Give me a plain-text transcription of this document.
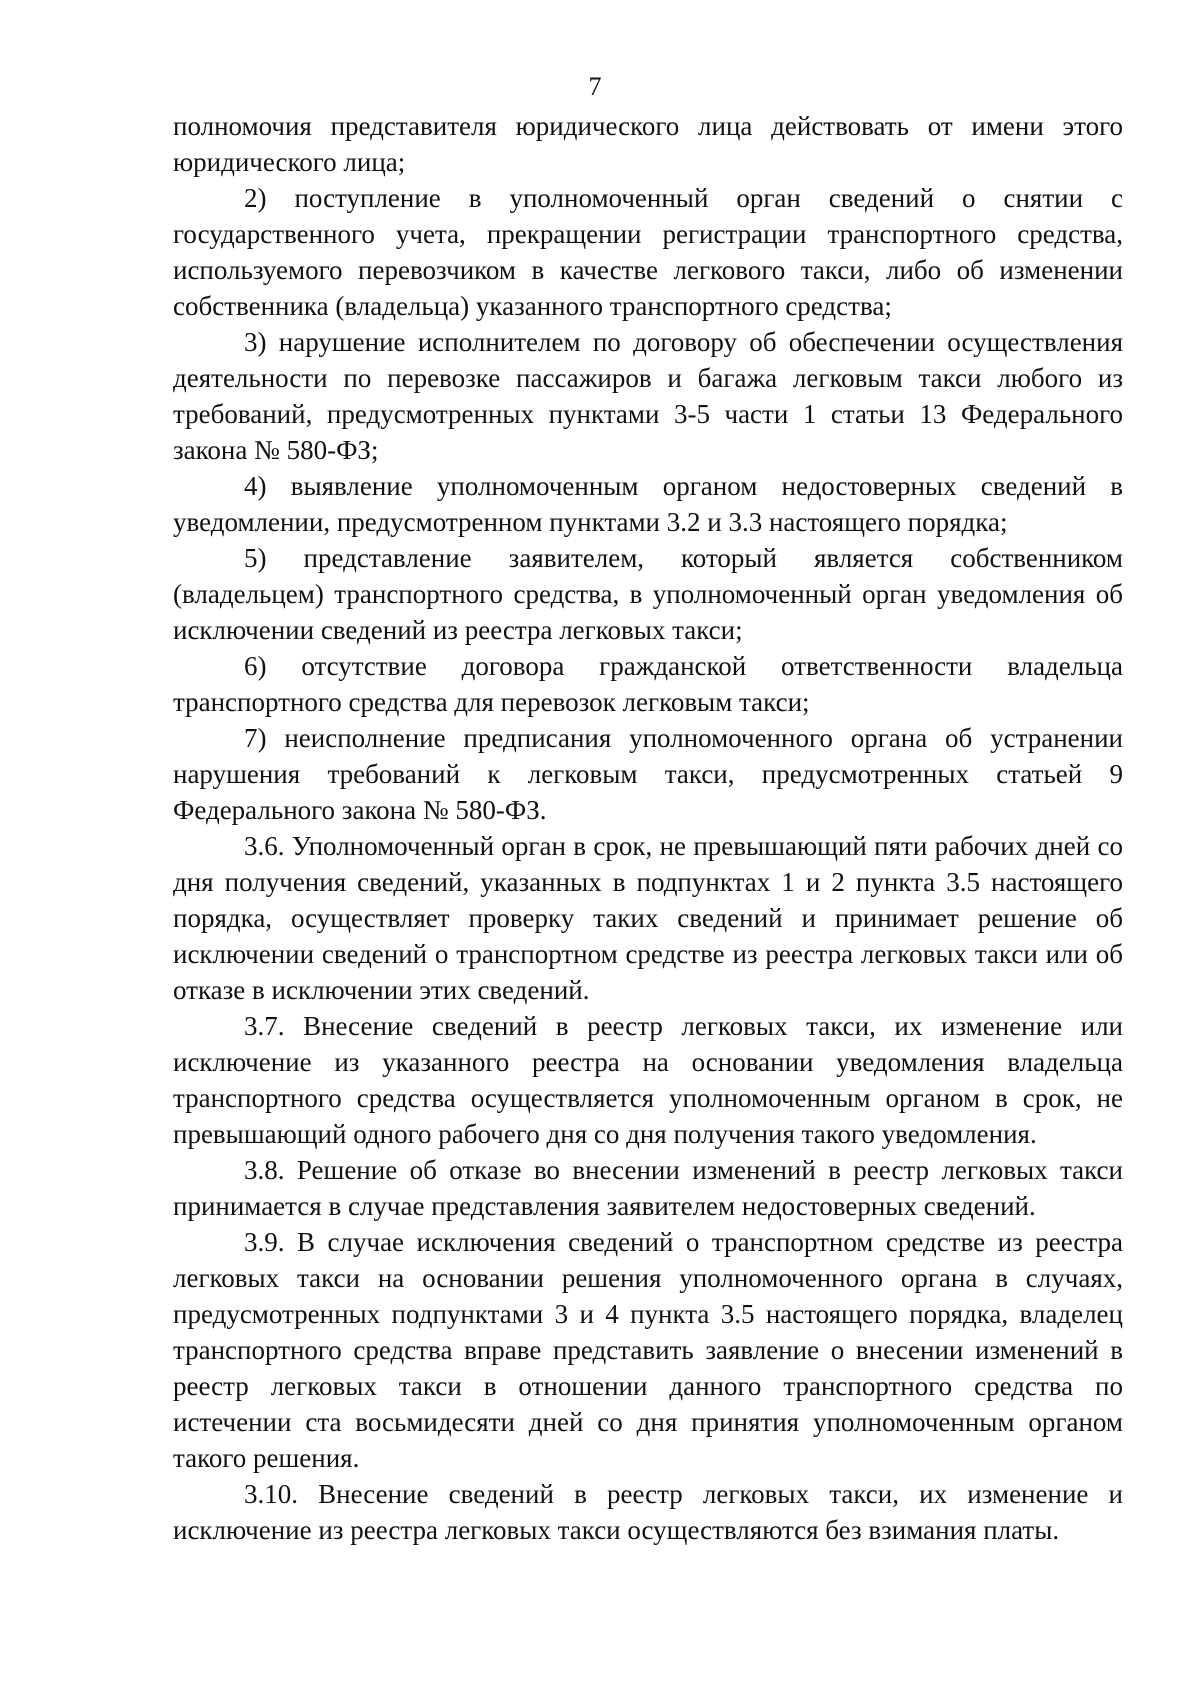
7

полномочия представителя юридического лица действовать от имени этого юридического лица;

2) поступление в уполномоченный орган сведений о снятии с государственного учета, прекращении регистрации транспортного средства, используемого перевозчиком в качестве легкового такси, либо об изменении собственника (владельца) указанного транспортного средства;

3) нарушение исполнителем по договору об обеспечении осуществления деятельности по перевозке пассажиров и багажа легковым такси любого из требований, предусмотренных пунктами 3-5 части 1 статьи 13 Федерального закона № 580-ФЗ;

4) выявление уполномоченным органом недостоверных сведений в уведомлении, предусмотренном пунктами 3.2 и 3.3 настоящего порядка;

5) представление заявителем, который является собственником (владельцем) транспортного средства, в уполномоченный орган уведомления об исключении сведений из реестра легковых такси;

6) отсутствие договора гражданской ответственности владельца транспортного средства для перевозок легковым такси;

7) неисполнение предписания уполномоченного органа об устранении нарушения требований к легковым такси, предусмотренных статьей 9 Федерального закона № 580-ФЗ.

3.6. Уполномоченный орган в срок, не превышающий пяти рабочих дней со дня получения сведений, указанных в подпунктах 1 и 2 пункта 3.5 настоящего порядка, осуществляет проверку таких сведений и принимает решение об исключении сведений о транспортном средстве из реестра легковых такси или об отказе в исключении этих сведений.

3.7. Внесение сведений в реестр легковых такси, их изменение или исключение из указанного реестра на основании уведомления владельца транспортного средства осуществляется уполномоченным органом в срок, не превышающий одного рабочего дня со дня получения такого уведомления.

3.8. Решение об отказе во внесении изменений в реестр легковых такси принимается в случае представления заявителем недостоверных сведений.

3.9. В случае исключения сведений о транспортном средстве из реестра легковых такси на основании решения уполномоченного органа в случаях, предусмотренных подпунктами 3 и 4 пункта 3.5 настоящего порядка, владелец транспортного средства вправе представить заявление о внесении изменений в реестр легковых такси в отношении данного транспортного средства по истечении ста восьмидесяти дней со дня принятия уполномоченным органом такого решения.

3.10. Внесение сведений в реестр легковых такси, их изменение и исключение из реестра легковых такси осуществляются без взимания платы.
